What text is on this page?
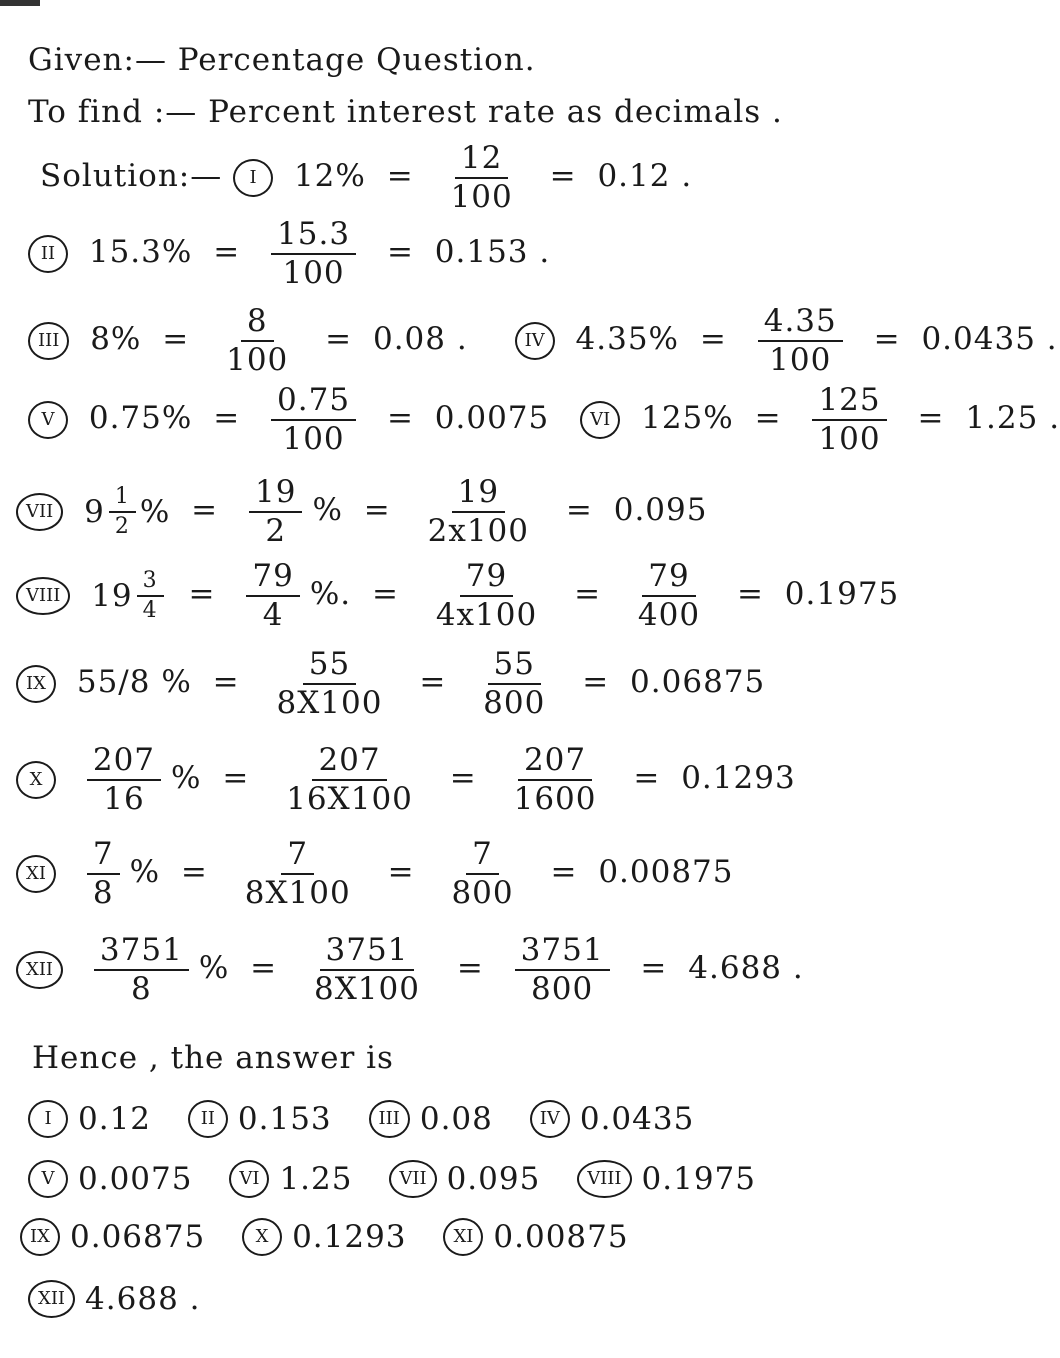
Given:— Percentage Question.
To find :— Percent interest rate as decimals .
Solution:— I $12\% = \frac{12}{100} = 0.12$ .
II $15.3\% = \frac{15.3}{100} = 0.153$ .
III $8\% = \frac{8}{100} = 0.08$ .	IV $4.35\% = \frac{4.35}{100} = 0.0435$ .
V $0.75\% = \frac{0.75}{100} = 0.0075$ VI $125\% = \frac{125}{100} = 1.25$ .
VII $9 \frac{1}{2}$ % = $\frac{19}{2}$ % = $\frac{19}{2x100} = 0.095$
VIII $19 \frac{3}{4} = \frac{79}{4}$ %. = $\frac{79}{4x100} = \frac{79}{400} = 0.1975$
IX 55/8 % = $\frac{55}{8X100} = \frac{55}{800} = 0.06875$
X $\frac{207}{16}$ % = $\frac{207}{16X100} = \frac{207}{1600} = 0.1293$
XI $\frac{7}{8}$ % = $\frac{7}{8X100} = \frac{7}{800} = 0.00875$
XII $\frac{3751}{8}$ % = $\frac{3751}{8X100} = \frac{3751}{800} = 4.688$ .
Hence , the answer is
I 0.12
	II 0.153
	III 0.08
	IV 0.0435
V 0.0075
	VI 1.25
	VII 0.095
	VIII 0.1975
IX 0.06875
	X 0.1293
	XI 0.00875
XII 4.688 .
